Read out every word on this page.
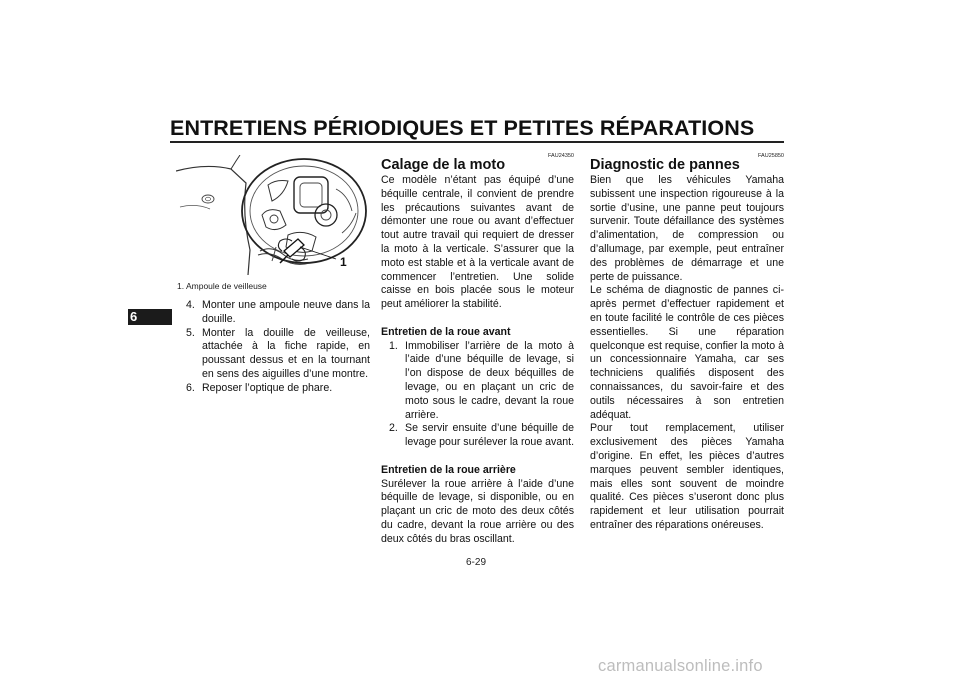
ENTRETIENS PÉRIODIQUES ET PETITES RÉPARATIONS
6
1
1. Ampoule de veilleuse
4. Monter une ampoule neuve dans la douille.
5. Monter la douille de veilleuse, attachée à la fiche rapide, en poussant dessus et en la tournant en sens des aiguilles d’une montre.
6. Reposer l’optique de phare.
FAU24350
Calage de la moto
Ce modèle n’étant pas équipé d’une béquille centrale, il convient de prendre les précautions suivantes avant de démonter une roue ou avant d’effectuer tout autre travail qui requiert de dresser la moto à la verticale. S’assurer que la moto est stable et à la verticale avant de commencer l’entretien. Une solide caisse en bois placée sous le moteur peut améliorer la stabilité.
Entretien de la roue avant
1. Immobiliser l’arrière de la moto à l’aide d’une béquille de levage, si l’on dispose de deux béquilles de levage, ou en plaçant un cric de moto sous le cadre, devant la roue arrière.
2. Se servir ensuite d’une béquille de levage pour surélever la roue avant.
Entretien de la roue arrière
Surélever la roue arrière à l’aide d’une béquille de levage, si disponible, ou en plaçant un cric de moto des deux côtés du cadre, devant la roue arrière ou des deux côtés du bras oscillant.
FAU25850
Diagnostic de pannes
Bien que les véhicules Yamaha subissent une inspection rigoureuse à la sortie d’usine, une panne peut toujours survenir. Toute défaillance des systèmes d’alimentation, de compression ou d’allumage, par exemple, peut entraîner des problèmes de démarrage et une perte de puissance.
Le schéma de diagnostic de pannes ci-après permet d’effectuer rapidement et en toute facilité le contrôle de ces pièces essentielles. Si une réparation quelconque est requise, confier la moto à un concessionnaire Yamaha, car ses techniciens qualifiés disposent des connaissances, du savoir-faire et des outils nécessaires à son entretien adéquat.
Pour tout remplacement, utiliser exclusivement des pièces Yamaha d’origine. En effet, les pièces d’autres marques peuvent sembler identiques, mais elles sont souvent de moindre qualité. Ces pièces s’useront donc plus rapidement et leur utilisation pourrait entraîner des réparations onéreuses.
6-29
carmanualsonline.info
